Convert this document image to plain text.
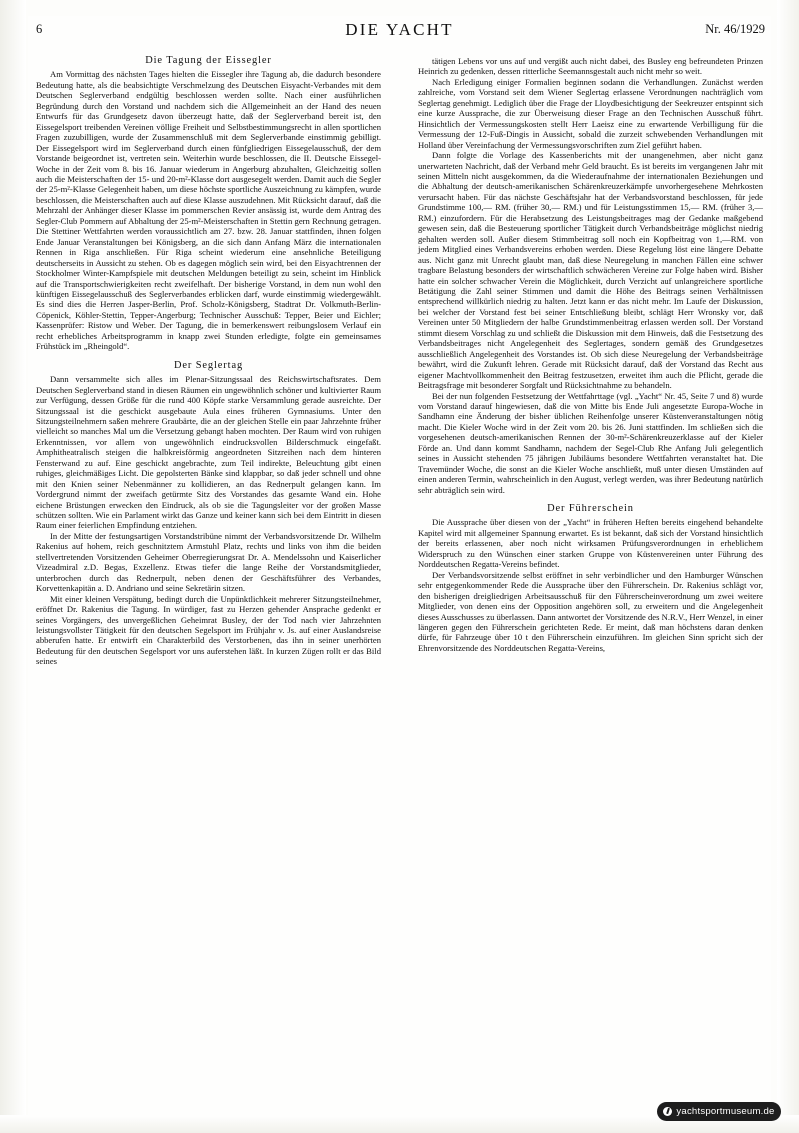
6	DIE YACHT	Nr. 46/1929
Die Tagung der Eissegler

Am Vormittag des nächsten Tages hielten die Eissegler ihre Tagung ab, die dadurch besondere Bedeutung hatte, als die beabsichtigte Verschmelzung des Deutschen Eisyacht-Verbandes mit dem Deutschen Seglerverband endgültig beschlossen werden sollte. Nach einer ausführlichen Begründung durch den Vorstand und nachdem sich die Allgemeinheit an der Hand des neuen Entwurfs für das Grundgesetz davon überzeugt hatte, daß der Seglerverband bereit ist, den Eissegelsport treibenden Vereinen völlige Freiheit und Selbstbestimmungsrecht in allen sportlichen Fragen zuzubilligen, wurde der Zusammenschluß mit dem Seglerverbande einstimmig gebilligt. Der Eissegelsport wird im Seglerverband durch einen fünfgliedrigen Eissegelausschuß, der dem Vorstande beigeordnet ist, vertreten sein. Weiterhin wurde beschlossen, die II. Deutsche Eissegel-Woche in der Zeit vom 8. bis 16. Januar wiederum in Angerburg abzuhalten, Gleichzeitig sollen auch die Meisterschaften der 15- und 20-m²-Klasse dort ausgesegelt werden. Damit auch die Segler der 25-m²-Klasse Gelegenheit haben, um diese höchste sportliche Auszeichnung zu kämpfen, wurde beschlossen, die Meisterschaften auch auf diese Klasse auszudehnen. Mit Rücksicht darauf, daß die Mehrzahl der Anhänger dieser Klasse im pommerschen Revier ansässig ist, wurde dem Antrag des Segler-Club Pommern auf Abhaltung der 25-m²-Meisterschaften in Stettin gern Rechnung getragen. Die Stettiner Wettfahrten werden voraussichtlich am 27. bzw. 28. Januar stattfinden, ihnen folgen Ende Januar Veranstaltungen bei Königsberg, an die sich dann Anfang März die internationalen Rennen in Riga anschließen. Für Riga scheint wiederum eine ansehnliche Beteiligung deutscherseits in Aussicht zu stehen. Ob es dagegen möglich sein wird, bei den Eisyachtrennen der Stockholmer Winter-Kampfspiele mit deutschen Meldungen beteiligt zu sein, scheint im Hinblick auf die Transportschwierigkeiten recht zweifelhaft. Der bisherige Vorstand, in dem nun wohl den künftigen Eissegelausschuß des Seglerverbandes erblicken darf, wurde einstimmig wiedergewählt. Es sind dies die Herren Jasper-Berlin, Prof. Scholz-Königsberg, Stadtrat Dr. Volkmuth-Berlin-Cöpenick, Köhler-Stettin, Tepper-Angerburg; Technischer Ausschuß: Tepper, Beier und Eichler; Kassenprüfer: Ristow und Weber. Der Tagung, die in bemerkenswert reibungslosem Verlauf ein recht erhebliches Arbeitsprogramm in knapp zwei Stunden erledigte, folgte ein gemeinsames Frühstück im „Rheingold“.

Der Seglertag

Dann versammelte sich alles im Plenar-Sitzungssaal des Reichswirtschaftsrates. Dem Deutschen Seglerverband stand in diesen Räumen ein ungewöhnlich schöner und kultivierter Raum zur Verfügung, dessen Größe für die rund 400 Köpfe starke Versammlung gerade ausreichte. Der Sitzungssaal ist die geschickt ausgebaute Aula eines früheren Gymnasiums. Unter den Sitzungsteilnehmern saßen mehrere Graubärte, die an der gleichen Stelle ein paar Jahrzehnte früher vielleicht so manches Mal um die Versetzung gebangt haben mochten. Der Raum wird von ruhigen Erkenntnissen, vor allem von ungewöhnlich eindrucksvollen Bilderschmuck eingefaßt. Amphitheatralisch steigen die halbkreisförmig angeordneten Sitzreihen nach dem hinteren Fensterwand zu auf. Eine geschickt angebrachte, zum Teil indirekte, Beleuchtung gibt einen ruhiges, gleichmäßiges Licht. Die gepolsterten Bänke sind klappbar, so daß jeder schnell und ohne mit den Knien seiner Nebenmänner zu kollidieren, an das Rednerpult gelangen kann. Im Vordergrund nimmt der zweifach getürmte Sitz des Vorstandes das gesamte Wand ein. Hohe eichene Brüstungen erwecken den Eindruck, als ob sie die Tagungsleiter vor der großen Masse schützen sollten. Wie ein Parlament wirkt das Ganze und keiner kann sich bei dem Eintritt in diesen Raum einer feierlichen Empfindung entziehen.

In der Mitte der festungsartigen Vorstandstribüne nimmt der Verbandsvorsitzende Dr. Wilhelm Rakenius auf hohem, reich geschnitztem Armstuhl Platz, rechts und links von ihm die beiden stellvertretenden Vorsitzenden Geheimer Oberregierungsrat Dr. A. Mendelssohn und Kaiserlicher Vizeadmiral z.D. Begas, Exzellenz. Etwas tiefer die lange Reihe der Vorstandsmitglieder, unterbrochen durch das Rednerpult, neben denen der Geschäftsführer des Verbandes, Korvettenkapitän a. D. Andriano und seine Sekretärin sitzen.

Mit einer kleinen Verspätung, bedingt durch die Unpünktlichkeit mehrerer Sitzungsteilnehmer, eröffnet Dr. Rakenius die Tagung. In würdiger, fast zu Herzen gehender Ansprache gedenkt er seines Vorgängers, des unvergeßlichen Geheimrat Busley, der der Tod nach vier Jahrzehnten leistungsvollster Tätigkeit für den deutschen Segelsport im Frühjahr v. Js. auf einer Auslandsreise abberufen hatte. Er entwirft ein Charakterbild des Verstorbenen, das ihn in seiner unerhörten Bedeutung für den deutschen Segelsport vor uns auferstehen läßt. In kurzen Zügen rollt er das Bild seines

tätigen Lebens vor uns auf und vergißt auch nicht dabei, des Busley eng befreundeten Prinzen Heinrich zu gedenken, dessen ritterliche Seemannsgestalt auch nicht mehr so weit.

Nach Erledigung einiger Formalien beginnen sodann die Verhandlungen. Zunächst werden zahlreiche, vom Vorstand seit dem Wiener Seglertag erlassene Verordnungen nachträglich vom Seglertag genehmigt. Lediglich über die Frage der Lloydbesichtigung der Seekreuzer entspinnt sich eine kurze Aussprache, die zur Überweisung dieser Frage an den Technischen Ausschuß führt. Hinsichtlich der Vermessungskosten stellt Herr Laeisz eine zu erwartende Verbilligung für die Vermessung der 12-Fuß-Dingis in Aussicht, sobald die zurzeit schwebenden Verhandlungen mit Holland über Vereinfachung der Vermessungsvorschriften zum Ziel geführt haben.

Dann folgte die Vorlage des Kassenberichts mit der unangenehmen, aber nicht ganz unerwarteten Nachricht, daß der Verband mehr Geld braucht. Es ist bereits im vergangenen Jahr mit seinen Mitteln nicht ausgekommen, da die Wiederaufnahme der internationalen Beziehungen und die Abhaltung der deutsch-amerikanischen Schärenkreuzerkämpfe unvorhergesehene Mehrkosten verursacht haben. Für das nächste Geschäftsjahr hat der Verbandsvorstand beschlossen, für jede Grundstimme 100,— RM. (früher 30,— RM.) und für Leistungsstimmen 15,— RM. (früher 3,— RM.) einzufordern. Für die Herabsetzung des Leistungsbeitrages mag der Gedanke maßgebend gewesen sein, daß die Besteuerung sportlicher Tätigkeit durch Verbandsbeiträge möglichst niedrig gehalten werden soll. Außer diesem Stimmbeitrag soll noch ein Kopfbeitrag von 1,—RM. von jedem Mitglied eines Verbandsvereins erhoben werden. Diese Regelung löst eine längere Debatte aus. Nicht ganz mit Unrecht glaubt man, daß diese Neuregelung in manchen Fällen eine schwer tragbare Belastung besonders der wirtschaftlich schwächeren Vereine zur Folge haben wird. Bisher hatte ein solcher schwacher Verein die Möglichkeit, durch Verzicht auf unlangreichere sportliche Betätigung die Zahl seiner Stimmen und damit die Höhe des Beitrags seinen Verhältnissen entsprechend willkürlich niedrig zu halten. Jetzt kann er das nicht mehr. Im Laufe der Diskussion, bei welcher der Vorstand fest bei seiner Entschließung bleibt, schlägt Herr Wronsky vor, daß Vereinen unter 50 Mitgliedern der halbe Grundstimmenbeitrag erlassen werden soll. Der Vorstand stimmt diesem Vorschlag zu und schließt die Diskussion mit dem Hinweis, daß die Festsetzung des Verbandsbeitrages nicht Angelegenheit des Seglertages, sondern gemäß des Grundgesetzes ausschließlich Angelegenheit des Vorstandes ist. Ob sich diese Neuregelung der Verbandsbeiträge bewährt, wird die Zukunft lehren. Gerade mit Rücksicht darauf, daß der Vorstand das Recht aus eigener Machtvollkommenheit den Beitrag festzusetzen, erweitet ihm auch die Pflicht, gerade die Beitragsfrage mit besonderer Sorgfalt und Rücksichtnahme zu behandeln.

Bei der nun folgenden Festsetzung der Wettfahrttage (vgl. „Yacht“ Nr. 45, Seite 7 und 8) wurde vom Vorstand darauf hingewiesen, daß die von Mitte bis Ende Juli angesetzte Europa-Woche in Sandhamn eine Änderung der bisher üblichen Reihenfolge unserer Küstenveranstaltungen nötig macht. Die Kieler Woche wird in der Zeit vom 20. bis 26. Juni stattfinden. Im schließen sich die vorgesehenen deutsch-amerikanischen Rennen der 30-m²-Schärenkreuzerklasse auf der Kieler Förde an. Und dann kommt Sandhamn, nachdem der Segel-Club Rhe Anfang Juli gelegentlich seines in Aussicht stehenden 75 jährigen Jubiläums besondere Wettfahrten veranstaltet hat. Die Travemünder Woche, die sonst an die Kieler Woche anschließt, muß unter diesen Umständen auf einen anderen Termin, wahrscheinlich in den August, verlegt werden, was ihrer Bedeutung natürlich sehr abträglich sein wird.

Der Führerschein

Die Aussprache über diesen von der „Yacht“ in früheren Heften bereits eingehend behandelte Kapitel wird mit allgemeiner Spannung erwartet. Es ist bekannt, daß sich der Vorstand hinsichtlich der bereits erlassenen, aber noch nicht wirksamen Prüfungsverordnungen in erheblichem Widerspruch zu den Wünschen einer starken Gruppe von Küstenvereinen unter Führung des Norddeutschen Regatta-Vereins befindet.

Der Verbandsvorsitzende selbst eröffnet in sehr verbindlicher und den Hamburger Wünschen sehr entgegenkommender Rede die Aussprache über den Führerschein. Dr. Rakenius schlägt vor, den bisherigen dreigliedrigen Arbeitsausschuß für den Führerscheinverordnung um zwei weitere Mitglieder, von denen eins der Opposition angehören soll, zu erweitern und die Angelegenheit dieses Ausschusses zu überlassen. Dann antwortet der Vorsitzende des N.R.V., Herr Wenzel, in einer längeren gegen den Führerschein gerichteten Rede. Er meint, daß man höchstens daran denken dürfe, für Fahrzeuge über 10 t den Führerschein einzuführen. Im gleichen Sinn spricht sich der Ehrenvorsitzende des Norddeutschen Regatta-Vereins,

yachtsportmuseum.de
